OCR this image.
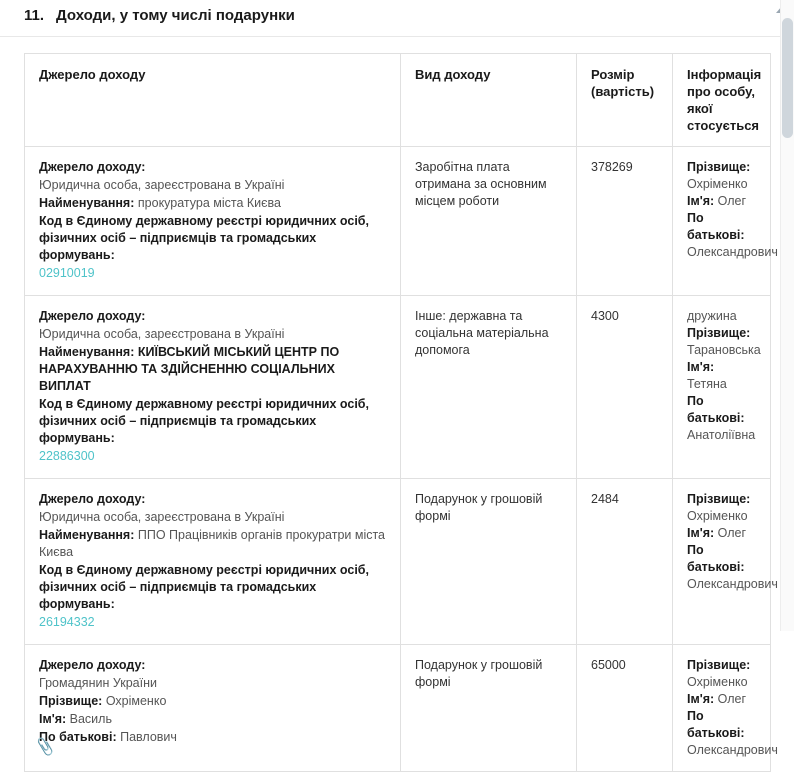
11. Доходи, у тому числі подарунки
Джерело доходу	Вид доходу	Розмір (вартість)	Інформація про особу, якої стосується

Джерело доходу:
Юридична особа, зареєстрована в Україні
Найменування: прокуратура міста Києва
Код в Єдиному державному реєстрі юридичних осіб, фізичних осіб – підприємців та громадських формувань:
02910019
	Заробітна плата отримана за основним місцем роботи	378269	Прізвище:
Охріменко
Ім'я: Олег
По батькові:
Олександрович

Джерело доходу:
Юридична особа, зареєстрована в Україні
Найменування: КИЇВСЬКИЙ МІСЬКИЙ ЦЕНТР ПО НАРАХУВАННЮ ТА ЗДІЙСНЕННЮ СОЦІАЛЬНИХ ВИПЛАТ
Код в Єдиному державному реєстрі юридичних осіб, фізичних осіб – підприємців та громадських формувань:
22886300
	Інше: державна та соціальна матеріальна допомога	4300	дружина
Прізвище:
Тарановська
Ім'я: Тетяна
По батькові:
Анатоліївна

Джерело доходу:
Юридична особа, зареєстрована в Україні
Найменування: ППО Працівників органів прокуратри міста Києва
Код в Єдиному державному реєстрі юридичних осіб, фізичних осіб – підприємців та громадських формувань:
26194332
	Подарунок у грошовій формі	2484	Прізвище:
Охріменко
Ім'я: Олег
По батькові:
Олександрович

Джерело доходу:
Громадянин України
Прізвище: Охріменко
Ім'я: Василь
По батькові: Павлович
	Подарунок у грошовій формі	65000	Прізвище:
Охріменко
Ім'я: Олег
По батькові:
Олександрович
📎
